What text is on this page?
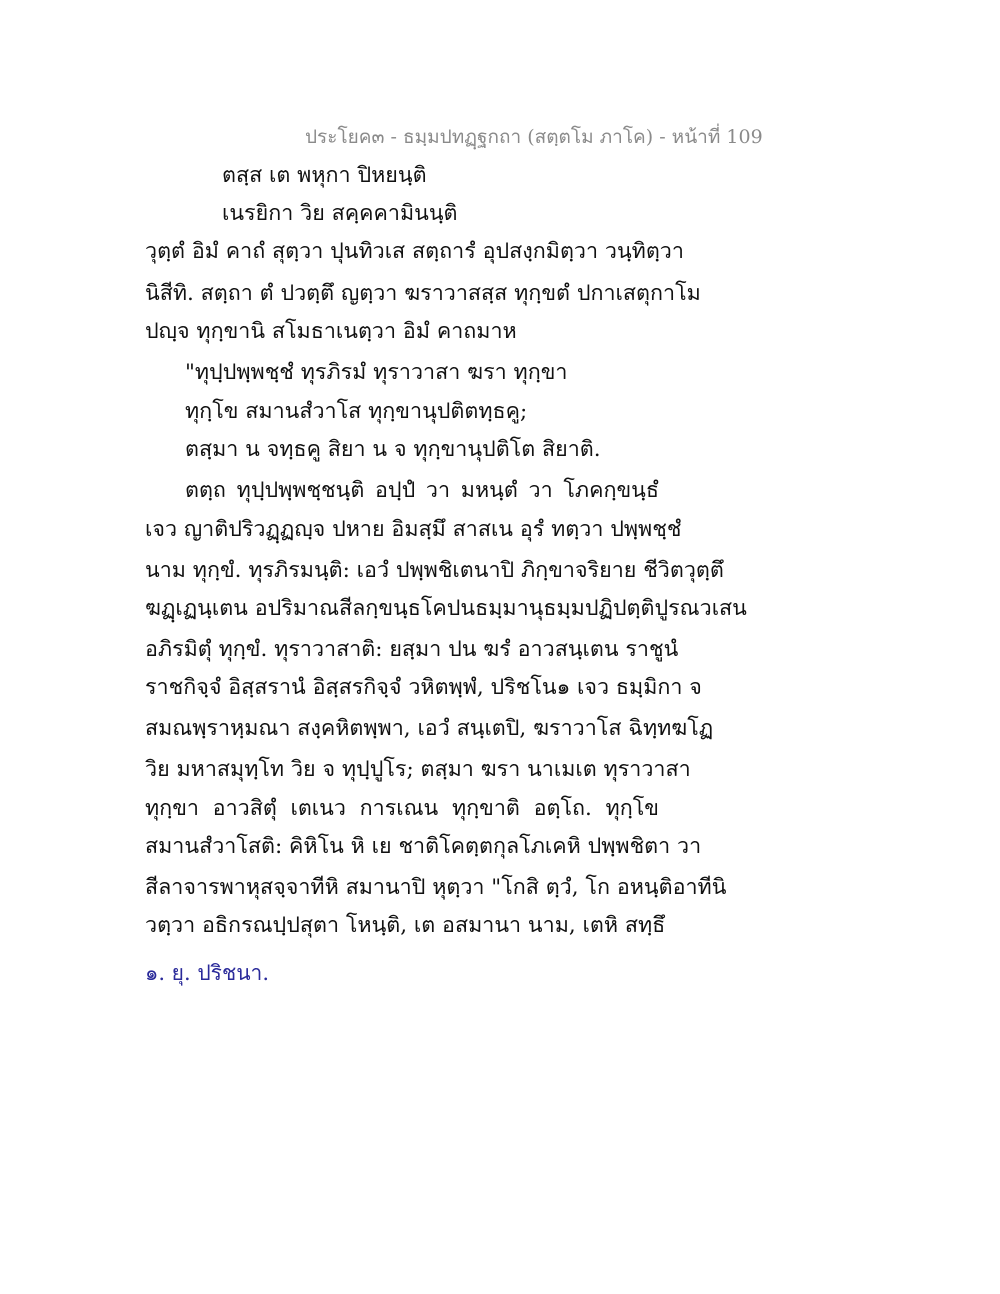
ประโยค๓ - ธมฺมปทฏฺฐกถา (สตฺตโม ภาโค) - หน้าที่ 109
ตสฺส เต พหุกา ปิหยนฺติ
เนรยิกา วิย สคฺคคามินนฺติ
วุตฺตํ อิมํ คาถํ สุตฺวา ปุนทิวเส สตฺถารํ อุปสงฺกมิตฺวา วนฺทิตฺวา
นิสีทิ. สตฺถา ตํ ปวตฺตึ ญตฺวา ฆราวาสสฺส ทุกฺขตํ ปกาเสตุกาโม
ปญฺจ ทุกฺขานิ สโมธาเนตฺวา อิมํ คาถมาห
"ทุปฺปพฺพชฺชํ ทุรภิรมํ ทุราวาสา ฆรา ทุกฺขา
ทุกฺโข สมานสํวาโส ทุกฺขานุปติตทฺธคู;
ตสฺมา น จทฺธคู สิยา น จ ทุกฺขานุปติโต สิยาติ.
ตตฺถ ทุปฺปพฺพชฺชนฺติ อปฺปํ วา มหนฺตํ วา โภคกฺขนฺธํ
เจว ญาติปริวฏฺฏญฺจ ปหาย อิมสฺมึ สาสเน อุรํ ทตฺวา ปพฺพชฺชํ
นาม ทุกฺขํ. ทุรภิรมนฺติ: เอวํ ปพฺพชิเตนาปิ ภิกฺขาจริยาย ชีวิตวุตฺตึ
ฆฏฺเฏนฺเตน อปริมาณสีลกฺขนฺธโคปนธมฺมานุธมฺมปฏิปตฺติปูรณวเสน
อภิรมิตุํ ทุกฺขํ. ทุราวาสาติ: ยสฺมา ปน ฆรํ อาวสนฺเตน ราชูนํ
ราชกิจฺจํ อิสฺสรานํ อิสฺสรกิจฺจํ วหิตพฺพํ, ปริชโน๑ เจว ธมฺมิกา จ
สมณพฺราหฺมณา สงฺคหิตพฺพา, เอวํ สนฺเตปิ, ฆราวาโส ฉิทฺทฆโฏ
วิย มหาสมุทฺโท วิย จ ทุปฺปูโร; ตสฺมา ฆรา นาเมเต ทุราวาสา
ทุกฺขา อาวสิตุํ เตเนว การเณน ทุกฺขาติ อตฺโถ. ทุกฺโข
สมานสํวาโสติ: คิหิโน หิ เย ชาติโคตฺตกุลโภเคหิ ปพฺพชิตา วา
สีลาจารพาหุสจฺจาทีหิ สมานาปิ หุตฺวา "โกสิ ตฺวํ, โก อหนฺติอาทีนิ
วตฺวา อธิกรณปฺปสุตา โหนฺติ, เต อสมานา นาม, เตหิ สทฺธึ
๑. ยุ. ปริชนา.
